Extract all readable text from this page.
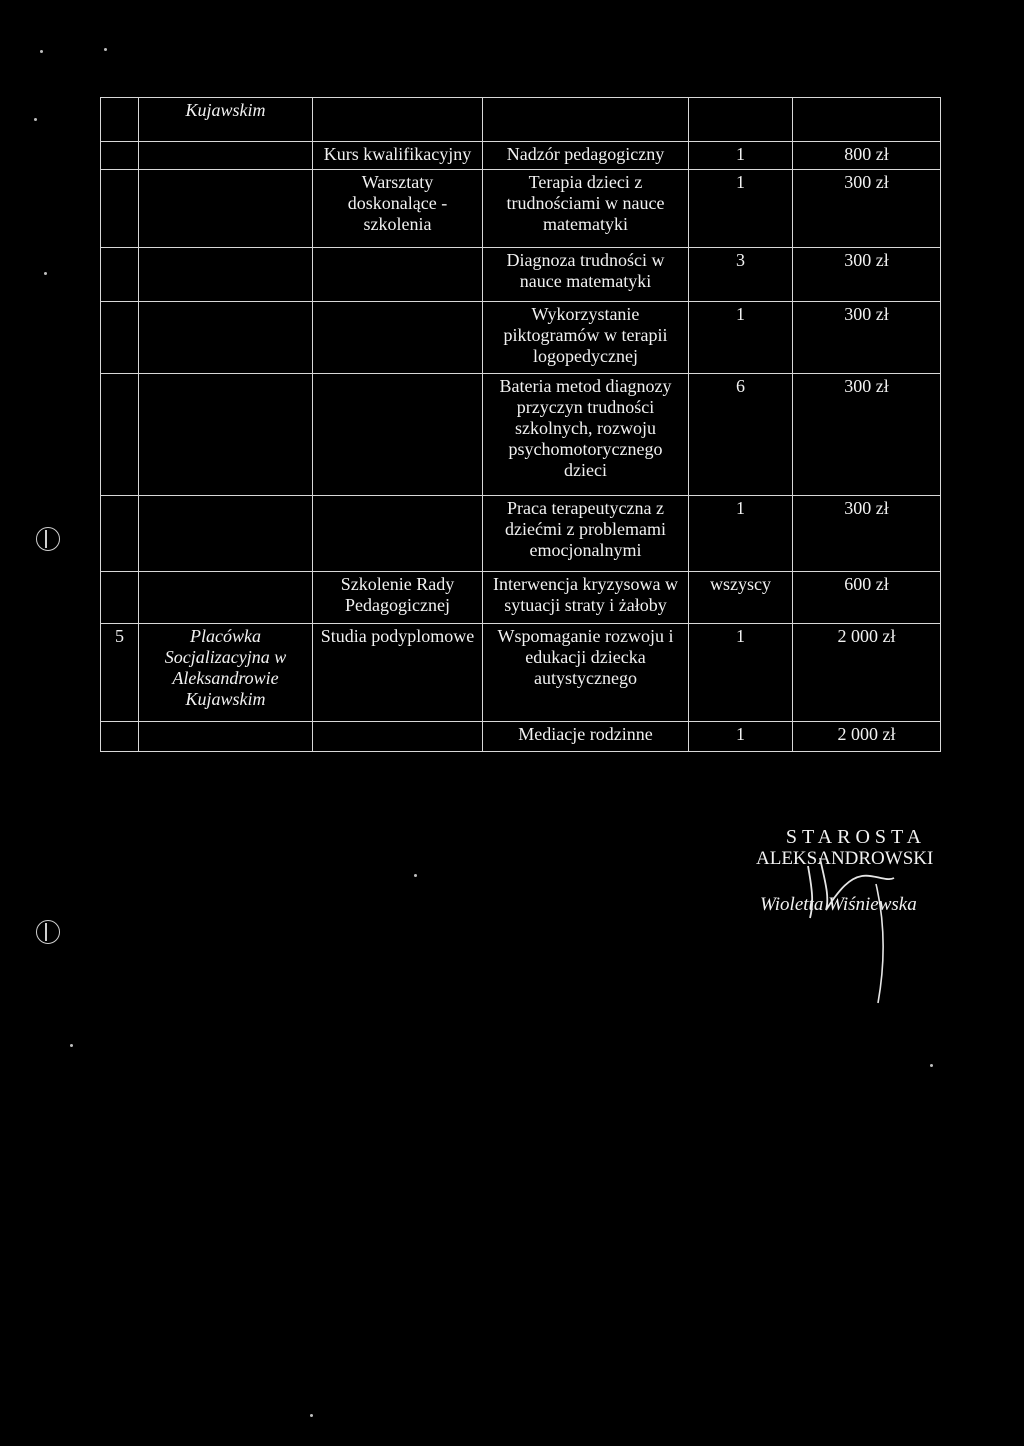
	Kujawskim				
		Kurs kwalifikacyjny	Nadzór pedagogiczny	1	800 zł
		Warsztaty doskonalące - szkolenia	Terapia dzieci z trudnościami w nauce matematyki	1	300 zł
			Diagnoza trudności w nauce matematyki	3	300 zł
			Wykorzystanie piktogramów w terapii logopedycznej	1	300 zł
			Bateria metod diagnozy przyczyn trudności szkolnych, rozwoju psychomotorycznego dzieci	6	300 zł
			Praca terapeutyczna z dziećmi z problemami emocjonalnymi	1	300 zł
		Szkolenie Rady Pedagogicznej	Interwencja kryzysowa w sytuacji straty i żałoby	wszyscy	600 zł
5	Placówka Socjalizacyjna w Aleksandrowie Kujawskim	Studia podyplomowe	Wspomaganie rozwoju i edukacji dziecka autystycznego	1	2 000 zł
			Mediacje rodzinne	1	2 000 zł
STAROSTA
ALEKSANDROWSKI
Wioletta Wiśniewska
